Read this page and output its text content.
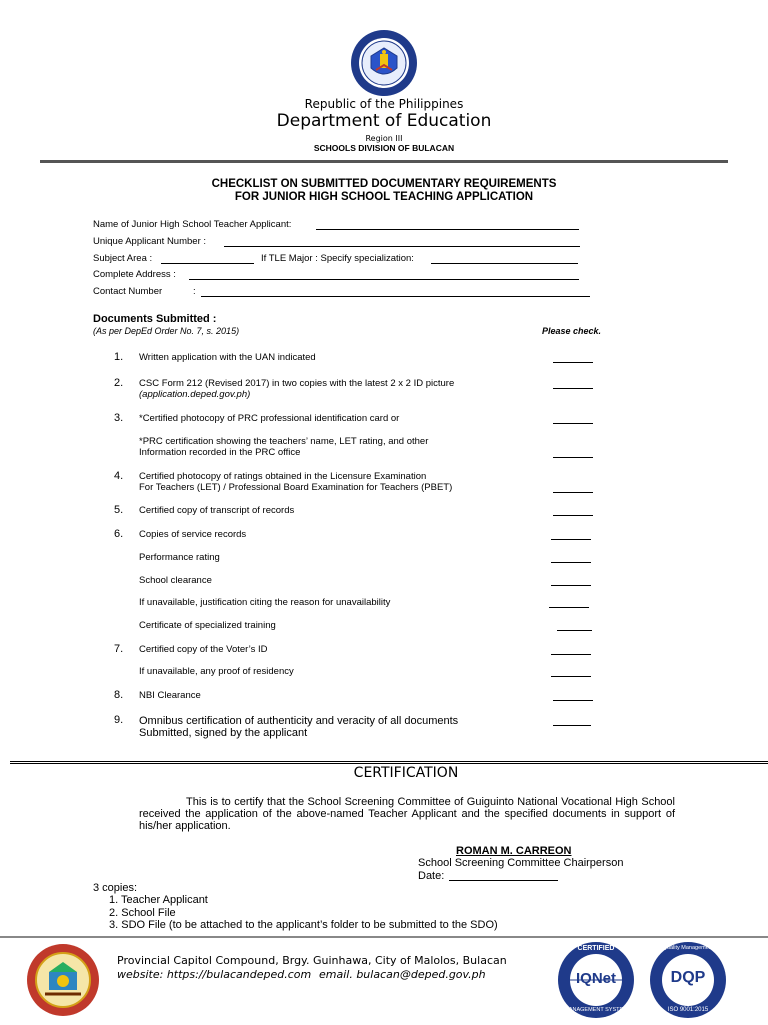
Republic of the Philippines
Department of Education
Region III
SCHOOLS DIVISION OF BULACAN
CHECKLIST ON SUBMITTED DOCUMENTARY REQUIREMENTS
FOR JUNIOR HIGH SCHOOL TEACHING APPLICATION
Name of Junior High School Teacher Applicant:
Unique Applicant Number :
Subject Area :	If TLE Major : Specify specialization:
Complete Address :
Contact Number	:
Documents Submitted :
(As per DepEd Order No. 7, s. 2015)	Please check.
1. Written application with the UAN indicated
2. CSC Form 212 (Revised 2017) in two copies with the latest 2 x 2 ID picture
(application.deped.gov.ph)
3. *Certified photocopy of PRC professional identification card or
*PRC certification showing the teachers’ name, LET rating, and other
Information recorded in the PRC office
4. Certified photocopy of ratings obtained in the Licensure Examination
For Teachers (LET) / Professional Board Examination for Teachers (PBET)
5. Certified copy of transcript of records
6. Copies of service records
Performance rating
School clearance
If unavailable, justification citing the reason for unavailability
Certificate of specialized training
7. Certified copy of the Voter’s ID
If unavailable, any proof of residency
8. NBI Clearance
9. Omnibus certification of authenticity and veracity of all documents
Submitted, signed by the applicant
CERTIFICATION
This is to certify that the School Screening Committee of Guiguinto National Vocational High School received the application of the above-named Teacher Applicant and the specified documents in support of his/her application.
ROMAN M. CARREON
School Screening Committee Chairperson
Date:
3 copies:
1. Teacher Applicant
2. School File
3. SDO File (to be attached to the applicant’s folder to be submitted to the SDO)
Provincial Capitol Compound, Brgy. Guinhawa, City of Malolos, Bulacan
website: https://bulacandeped.com email. bulacan@deped.gov.ph	IQNet
CERTIFIED
MANAGEMENT SYSTEM
DQP
Quality Management
ISO 9001:2015
